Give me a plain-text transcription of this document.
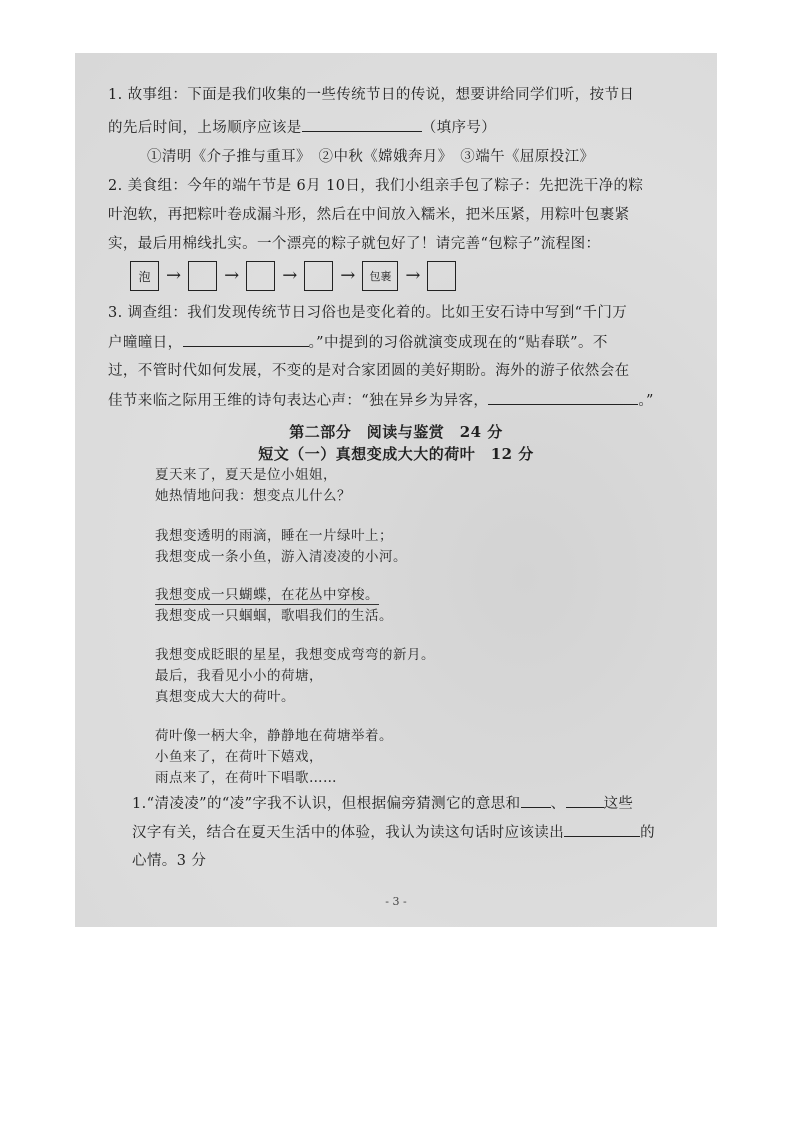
1. 故事组：下面是我们收集的一些传统节日的传说，想要讲给同学们听，按节日
的先后时间，上场顺序应该是	（填序号）
①清明《介子推与重耳》　②中秋《嫦娥奔月》　③端午《屈原投江》
2. 美食组：今年的端午节是 6月 10日，我们小组亲手包了粽子：先把洗干净的粽
叶泡软，再把粽叶卷成漏斗形，然后在中间放入糯米，把米压紧，用粽叶包裹紧
实，最后用棉线扎实。一个漂亮的粽子就包好了！请完善“包粽子”流程图：
泡 → → → →	包裹 →
3. 调查组：我们发现传统节日习俗也是变化着的。比如王安石诗中写到“千门万
户曈曈日，	。”中提到的习俗就演变成现在的“贴春联”。不
过，不管时代如何发展，不变的是对合家团圆的美好期盼。海外的游子依然会在
佳节来临之际用王维的诗句表达心声：“独在异乡为异客，	。”
第二部分　阅读与鉴赏　24 分
短文（一）真想变成大大的荷叶　12 分
夏天来了，夏天是位小姐姐，
她热情地问我：想变点儿什么？
我想变透明的雨滴，睡在一片绿叶上；
我想变成一条小鱼，游入清凌凌的小河。
我想变成一只蝴蝶，在花丛中穿梭。
我想变成一只蝈蝈，歌唱我们的生活。
我想变成眨眼的星星，我想变成弯弯的新月。
最后，我看见小小的荷塘，
真想变成大大的荷叶。
荷叶像一柄大伞，静静地在荷塘举着。
小鱼来了，在荷叶下嬉戏，
雨点来了，在荷叶下唱歌……
1.“清凌凌”的“凌”字我不认识，但根据偏旁猜测它的意思和 、	这些
汉字有关，结合在夏天生活中的体验，我认为读这句话时应该读出	的
心情。3 分
- 3 -
